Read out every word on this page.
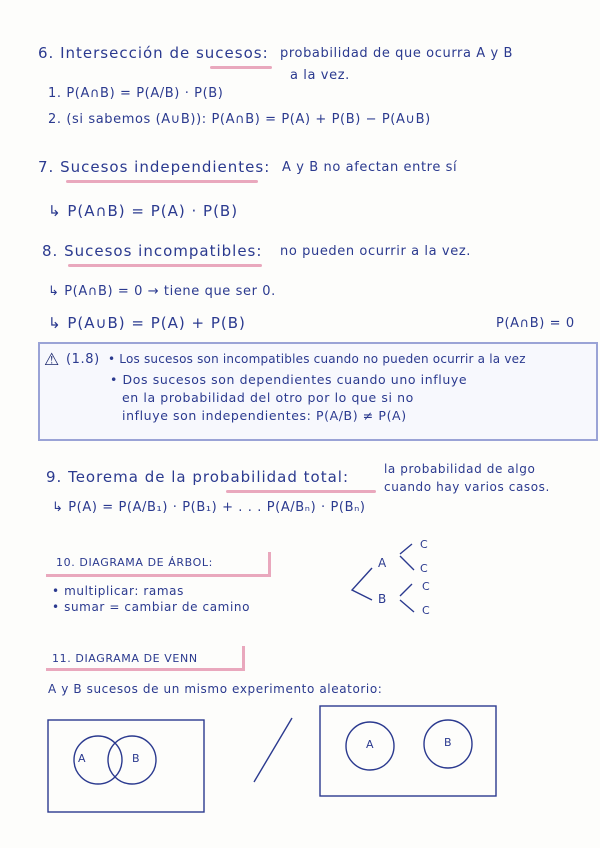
6. Intersección de sucesos: probabilidad de que ocurra A y B
a la vez.
1. P(A∩B) = P(A/B) · P(B)
2. (si sabemos (A∪B)): P(A∩B) = P(A) + P(B) − P(A∪B)
7. Sucesos independientes: A y B no afectan entre sí
↳ P(A∩B) = P(A) · P(B)
8. Sucesos incompatibles: no pueden ocurrir a la vez.
↳ P(A∩B) = 0 → tiene que ser 0.
↳ P(A∪B) = P(A) + P(B)	P(A∩B) = 0
⚠ (1.8) • Los sucesos son incompatibles cuando no pueden ocurrir a la vez
• Dos sucesos son dependientes cuando uno influye
en la probabilidad del otro por lo que si no
influye son independientes: P(A/B) ≠ P(A)
9. Teorema de la probabilidad total:	la probabilidad de algo
cuando hay varios casos.
↳ P(A) = P(A/B₁) · P(B₁) + . . . P(A/Bₙ) · P(Bₙ)
10. DIAGRAMA DE ÁRBOL:
• multiplicar: ramas
• sumar = cambiar de camino
A
B
C
C
C
C
11. DIAGRAMA DE VENN
A y B sucesos de un mismo experimento aleatorio:
A	B
A	B
